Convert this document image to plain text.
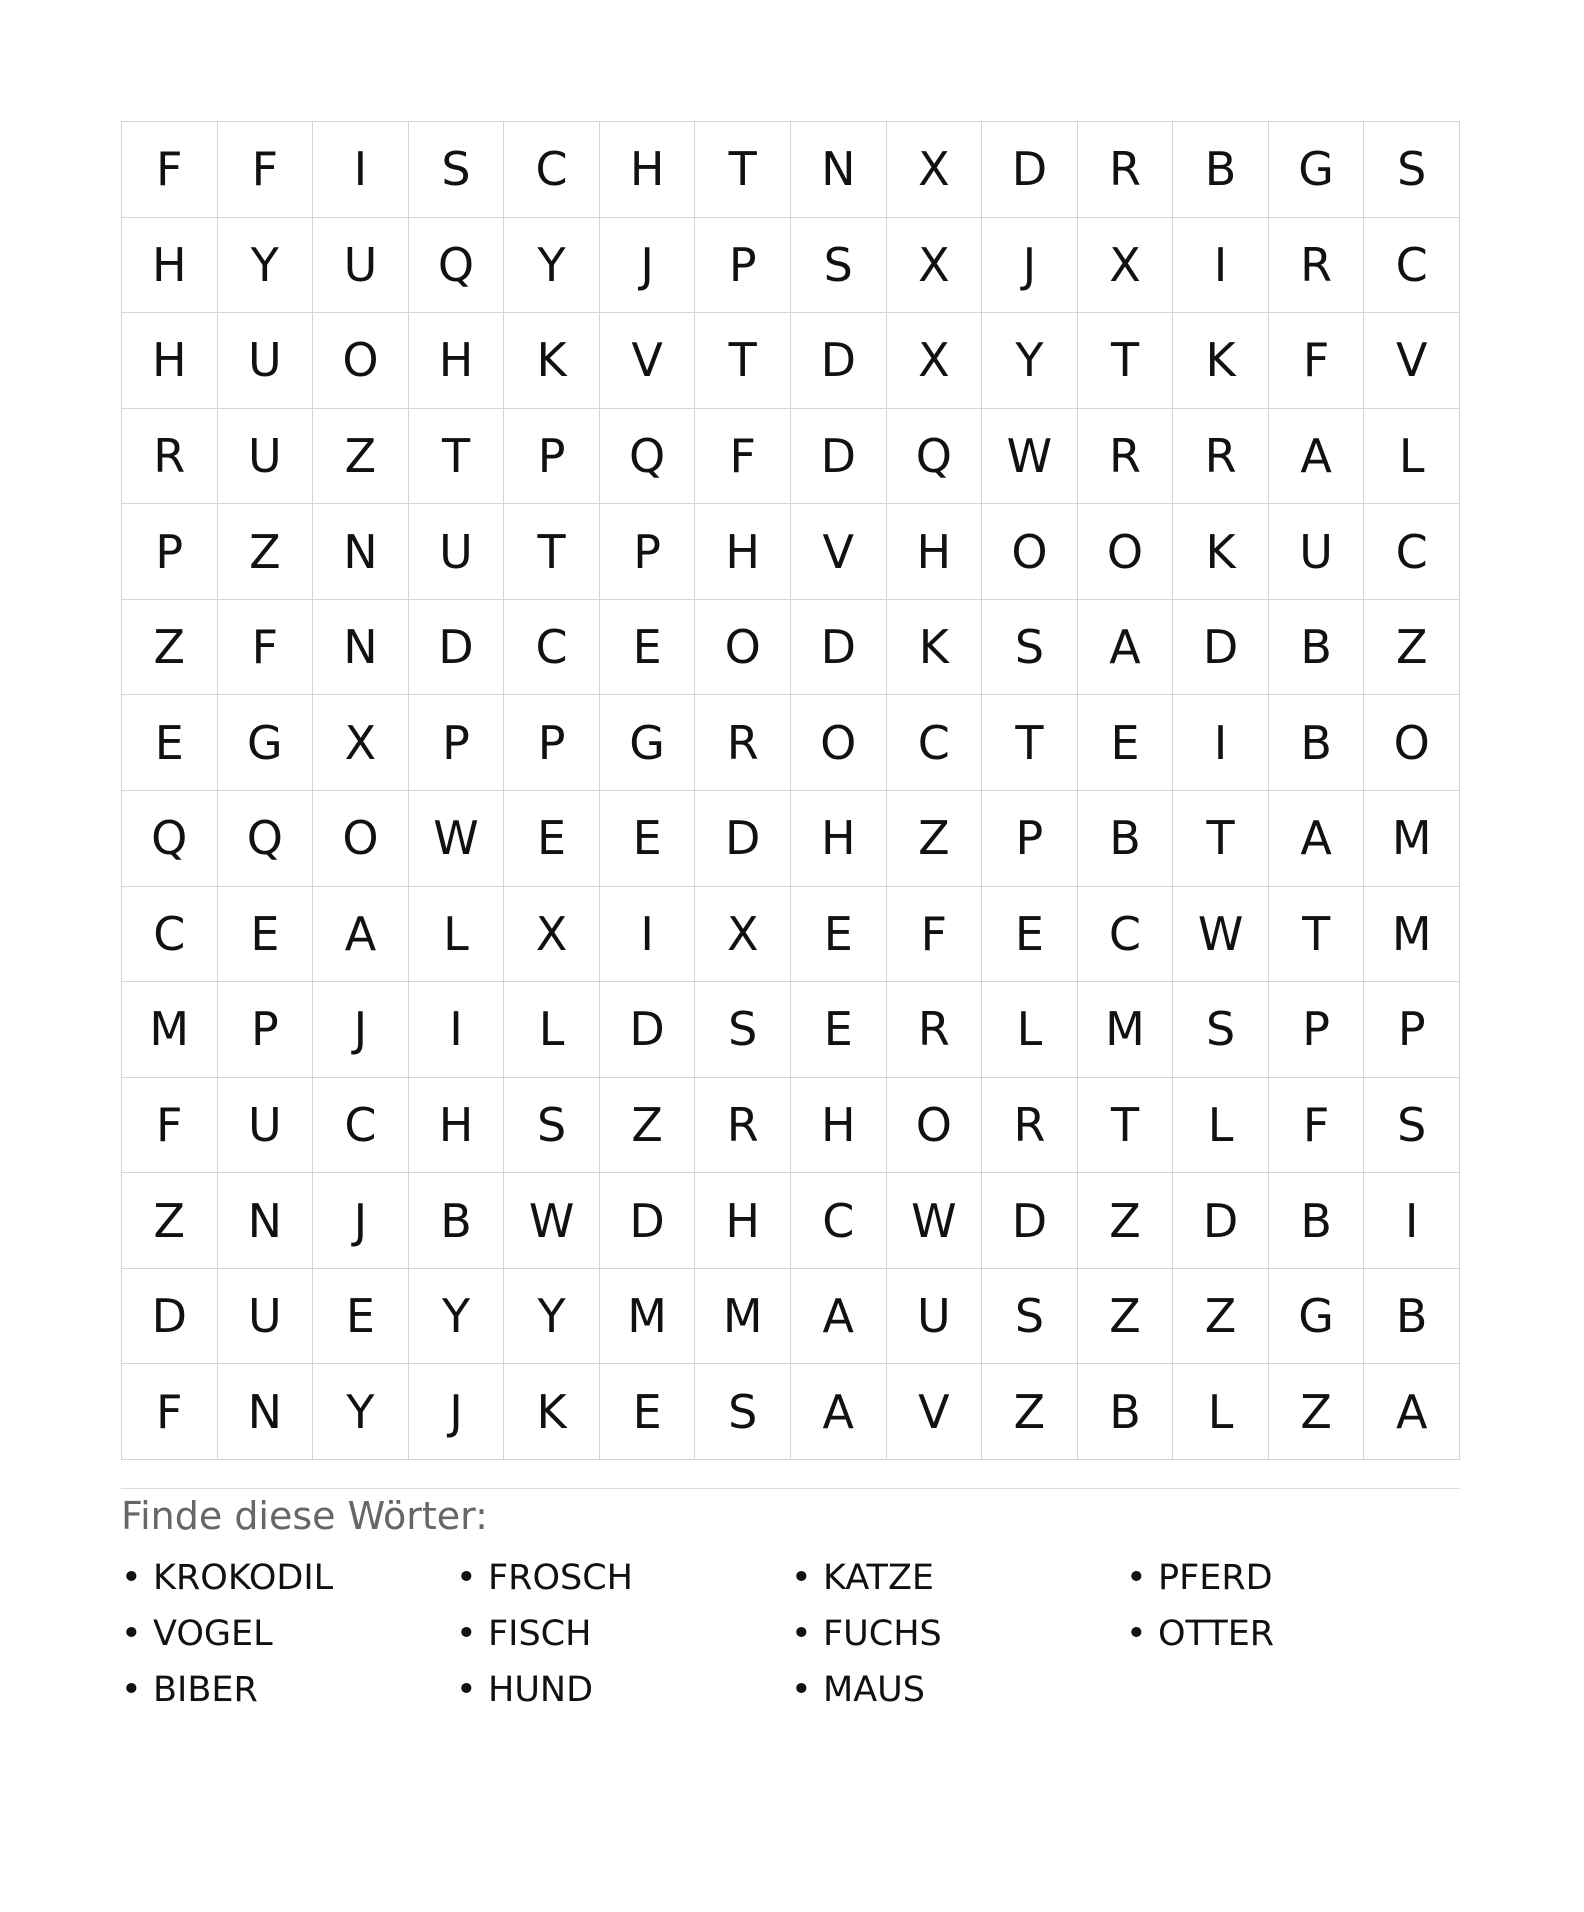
F	F	I	S	C	H	T	N	X	D	R	B	G	S
H	Y	U	Q	Y	J	P	S	X	J	X	I	R	C
H	U	O	H	K	V	T	D	X	Y	T	K	F	V
R	U	Z	T	P	Q	F	D	Q	W	R	R	A	L
P	Z	N	U	T	P	H	V	H	O	O	K	U	C
Z	F	N	D	C	E	O	D	K	S	A	D	B	Z
E	G	X	P	P	G	R	O	C	T	E	I	B	O
Q	Q	O	W	E	E	D	H	Z	P	B	T	A	M
C	E	A	L	X	I	X	E	F	E	C	W	T	M
M	P	J	I	L	D	S	E	R	L	M	S	P	P
F	U	C	H	S	Z	R	H	O	R	T	L	F	S
Z	N	J	B	W	D	H	C	W	D	Z	D	B	I
D	U	E	Y	Y	M	M	A	U	S	Z	Z	G	B
F	N	Y	J	K	E	S	A	V	Z	B	L	Z	A
Finde diese Wörter:
• KROKODIL	• FROSCH	• KATZE	• PFERD
• VOGEL	• FISCH	• FUCHS	• OTTER
• BIBER	• HUND	• MAUS
